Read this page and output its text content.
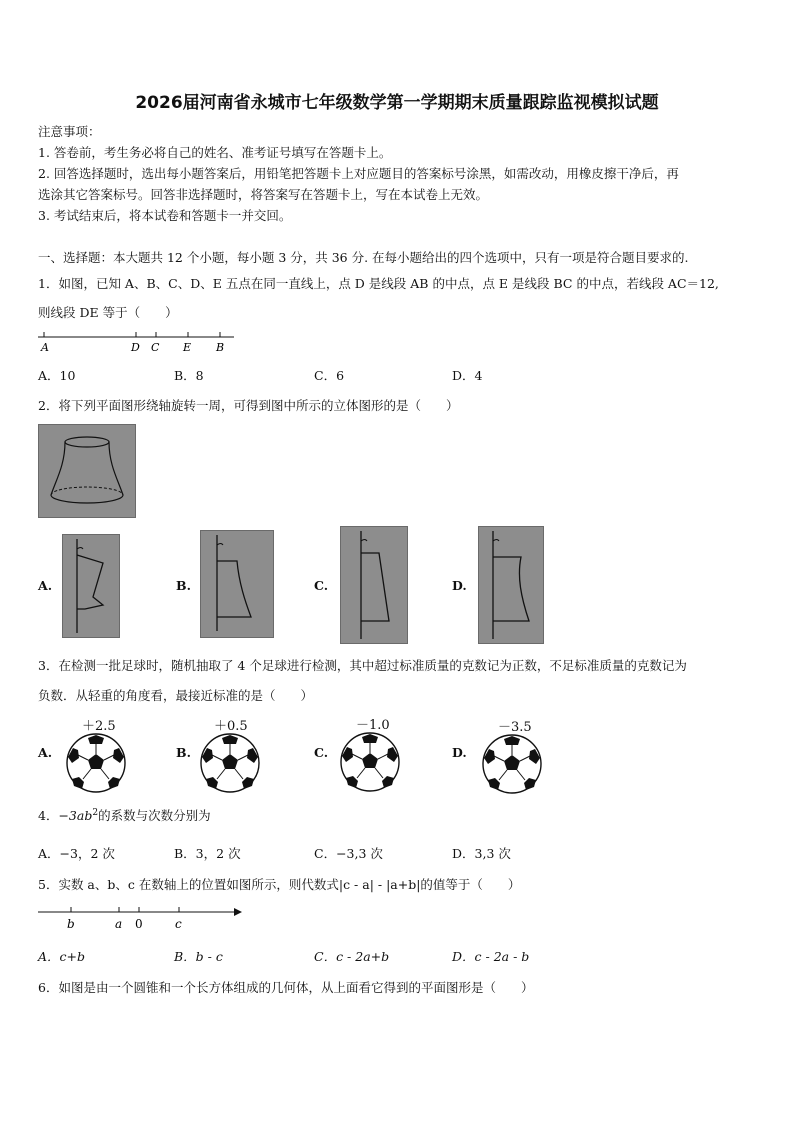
2026届河南省永城市七年级数学第一学期期末质量跟踪监视模拟试题
注意事项：
1. 答卷前，考生务必将自己的姓名、准考证号填写在答题卡上。
2. 回答选择题时，选出每小题答案后，用铅笔把答题卡上对应题目的答案标号涂黑，如需改动，用橡皮擦干净后，再
选涂其它答案标号。回答非选择题时，将答案写在答题卡上，写在本试卷上无效。
3. 考试结束后，将本试卷和答题卡一并交回。
一、选择题：本大题共 12 个小题，每小题 3 分，共 36 分. 在每小题给出的四个选项中，只有一项是符合题目要求的.
1．如图，已知 A、B、C、D、E 五点在同一直线上，点 D 是线段 AB 的中点，点 E 是线段 BC 的中点，若线段 AC＝12,
则线段 DE 等于（　　）
A	D C E B
A．10	B．8	C．6	D．4
2．将下列平面图形绕轴旋转一周，可得到图中所示的立体图形的是（　　）
A.	B.	C.	D.
3．在检测一批足球时，随机抽取了 4 个足球进行检测，其中超过标准质量的克数记为正数，不足标准质量的克数记为
负数．从轻重的角度看，最接近标准的是（　　）
A.
＋2.5
B.
＋0.5
C.
－1.0
D.
－3.5
4．$-3ab^2$的系数与次数分别为
A．−3，2 次	B．3，2 次	C．−3,3 次	D．3,3 次
5．实数 a、b、c 在数轴上的位置如图所示，则代数式|c - a| - |a+b|的值等于（　　）
b	a 0	c
A．c+b	B．b - c	C．c - 2a+b	D．c - 2a - b
6．如图是由一个圆锥和一个长方体组成的几何体，从上面看它得到的平面图形是（　　）
